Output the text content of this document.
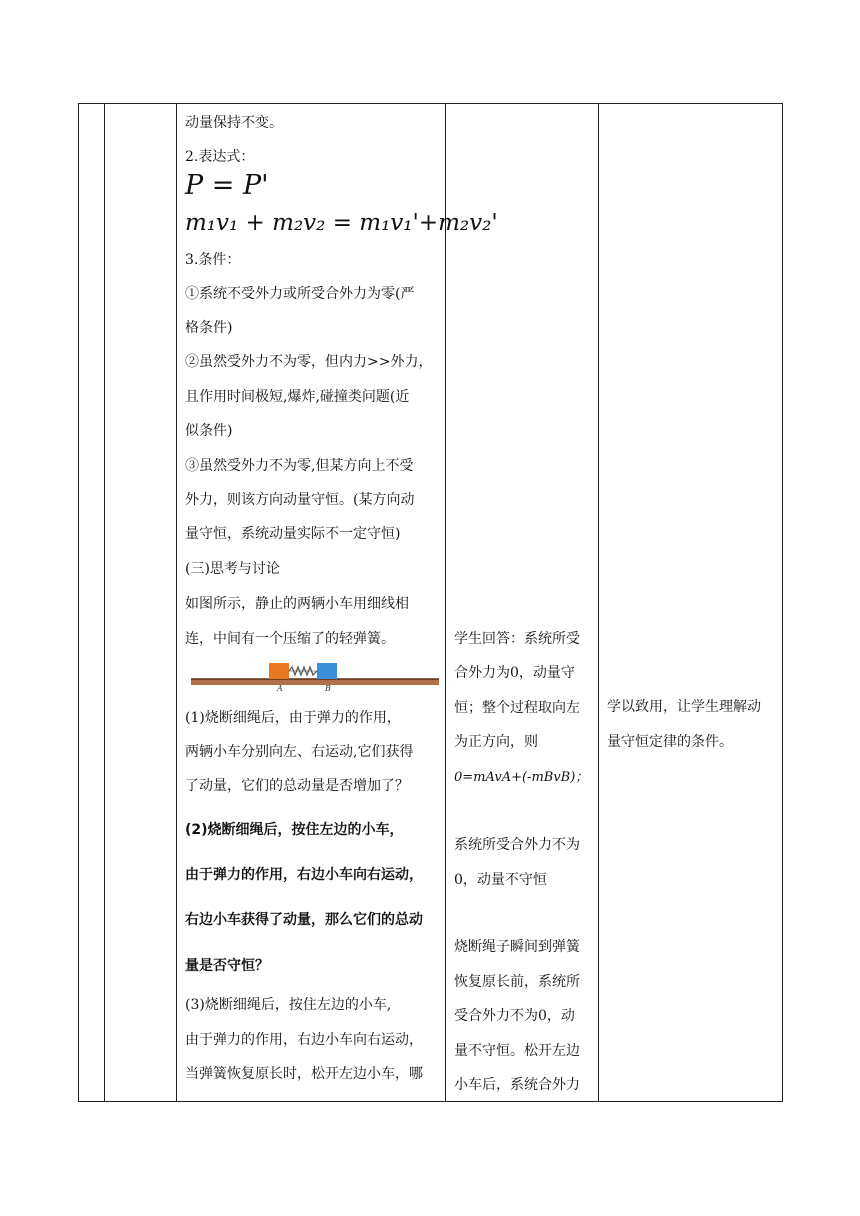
动量保持不变。
2.表达式：
P = P'
m₁v₁ + m₂v₂ = m₁v₁'+m₂v₂'
3.条件：
①系统不受外力或所受合外力为零(严
格条件)
②虽然受外力不为零，但内力>>外力，
且作用时间极短,爆炸,碰撞类问题(近
似条件)
③虽然受外力不为零,但某方向上不受
外力，则该方向动量守恒。(某方向动
量守恒，系统动量实际不一定守恒)
(三)思考与讨论
如图所示，静止的两辆小车用细线相
连，中间有一个压缩了的轻弹簧。
A	B
(1)烧断细绳后，由于弹力的作用，
两辆小车分别向左、右运动,它们获得
了动量，它们的总动量是否增加了？
(2)烧断细绳后，按住左边的小车，
由于弹力的作用，右边小车向右运动，
右边小车获得了动量，那么它们的总动
量是否守恒？
(3)烧断细绳后，按住左边的小车,
由于弹力的作用，右边小车向右运动，
当弹簧恢复原长时，松开左边小车，哪
学生回答：系统所受
合外力为0，动量守
恒；整个过程取向左
为正方向，则
0=mAvA+(-mBvB)；
系统所受合外力不为
0，动量不守恒
烧断绳子瞬间到弹簧
恢复原长前，系统所
受合外力不为0，动
量不守恒。松开左边
小车后，系统合外力
学以致用，让学生理解动
量守恒定律的条件。
